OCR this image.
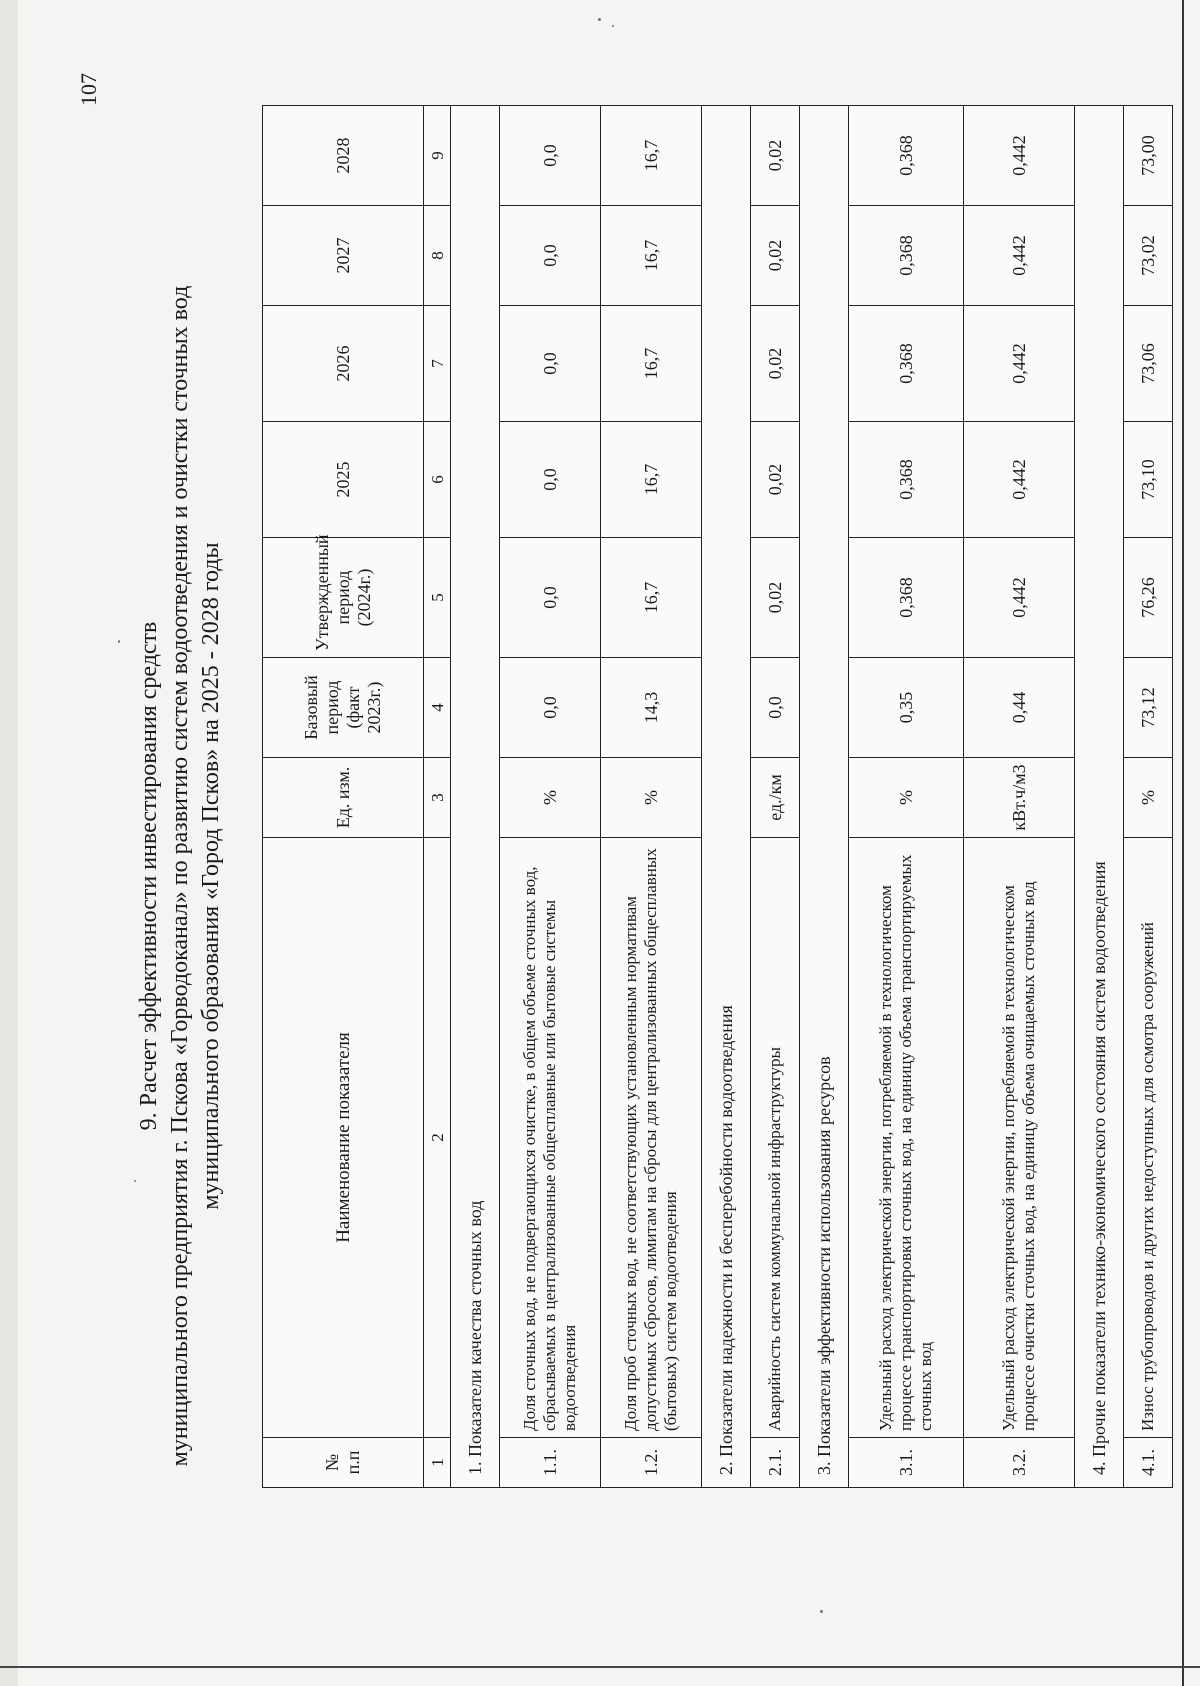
107
9. Расчет эффективности инвестирования средств муниципального предприятия г. Пскова «Горводоканал» по развитию систем водоотведения и очистки сточных вод муниципального образования «Город Псков» на 2025 - 2028 годы
№ п.п	Наименование показателя	Ед. изм.	Базовый период (факт 2023г.)	Утвержденный период (2024г.)	2025	2026	2027	2028
1	2	3	4	5	6	7	8	9
1. Показатели качества сточных вод								
1.1.	Доля сточных вод, не подвергающихся очистке, в общем объеме сточных вод, сбрасываемых в централизованные общесплавные или бытовые системы водоотведения	%	0,0	0,0	0,0	0,0	0,0	0,0
1.2.	Доля проб сточных вод, не соответствующих установленным нормативам допустимых сбросов, лимитам на сбросы для централизованных общесплавных (бытовых) систем водоотведения	%	14,3	16,7	16,7	16,7	16,7	16,7
2. Показатели надежности и бесперебойности водоотведения								
2.1.	Аварийность систем коммунальной инфраструктуры	ед./км	0,0	0,02	0,02	0,02	0,02	0,02
3. Показатели эффективности использования ресурсов								
3.1.	Удельный расход электрической энергии, потребляемой в технологическом процессе транспортировки сточных вод, на единицу объема транспортируемых сточных вод	%	0,35	0,368	0,368	0,368	0,368	0,368
3.2.	Удельный расход электрической энергии, потребляемой в технологическом процессе очистки сточных вод, на единицу объема очищаемых сточных вод	кВт.ч/м3	0,44	0,442	0,442	0,442	0,442	0,442
4. Прочие показатели технико-экономического состояния систем водоотведения								
4.1.	Износ трубопроводов и других недоступных для осмотра сооружений	%	73,12	76,26	73,10	73,06	73,02	73,00
